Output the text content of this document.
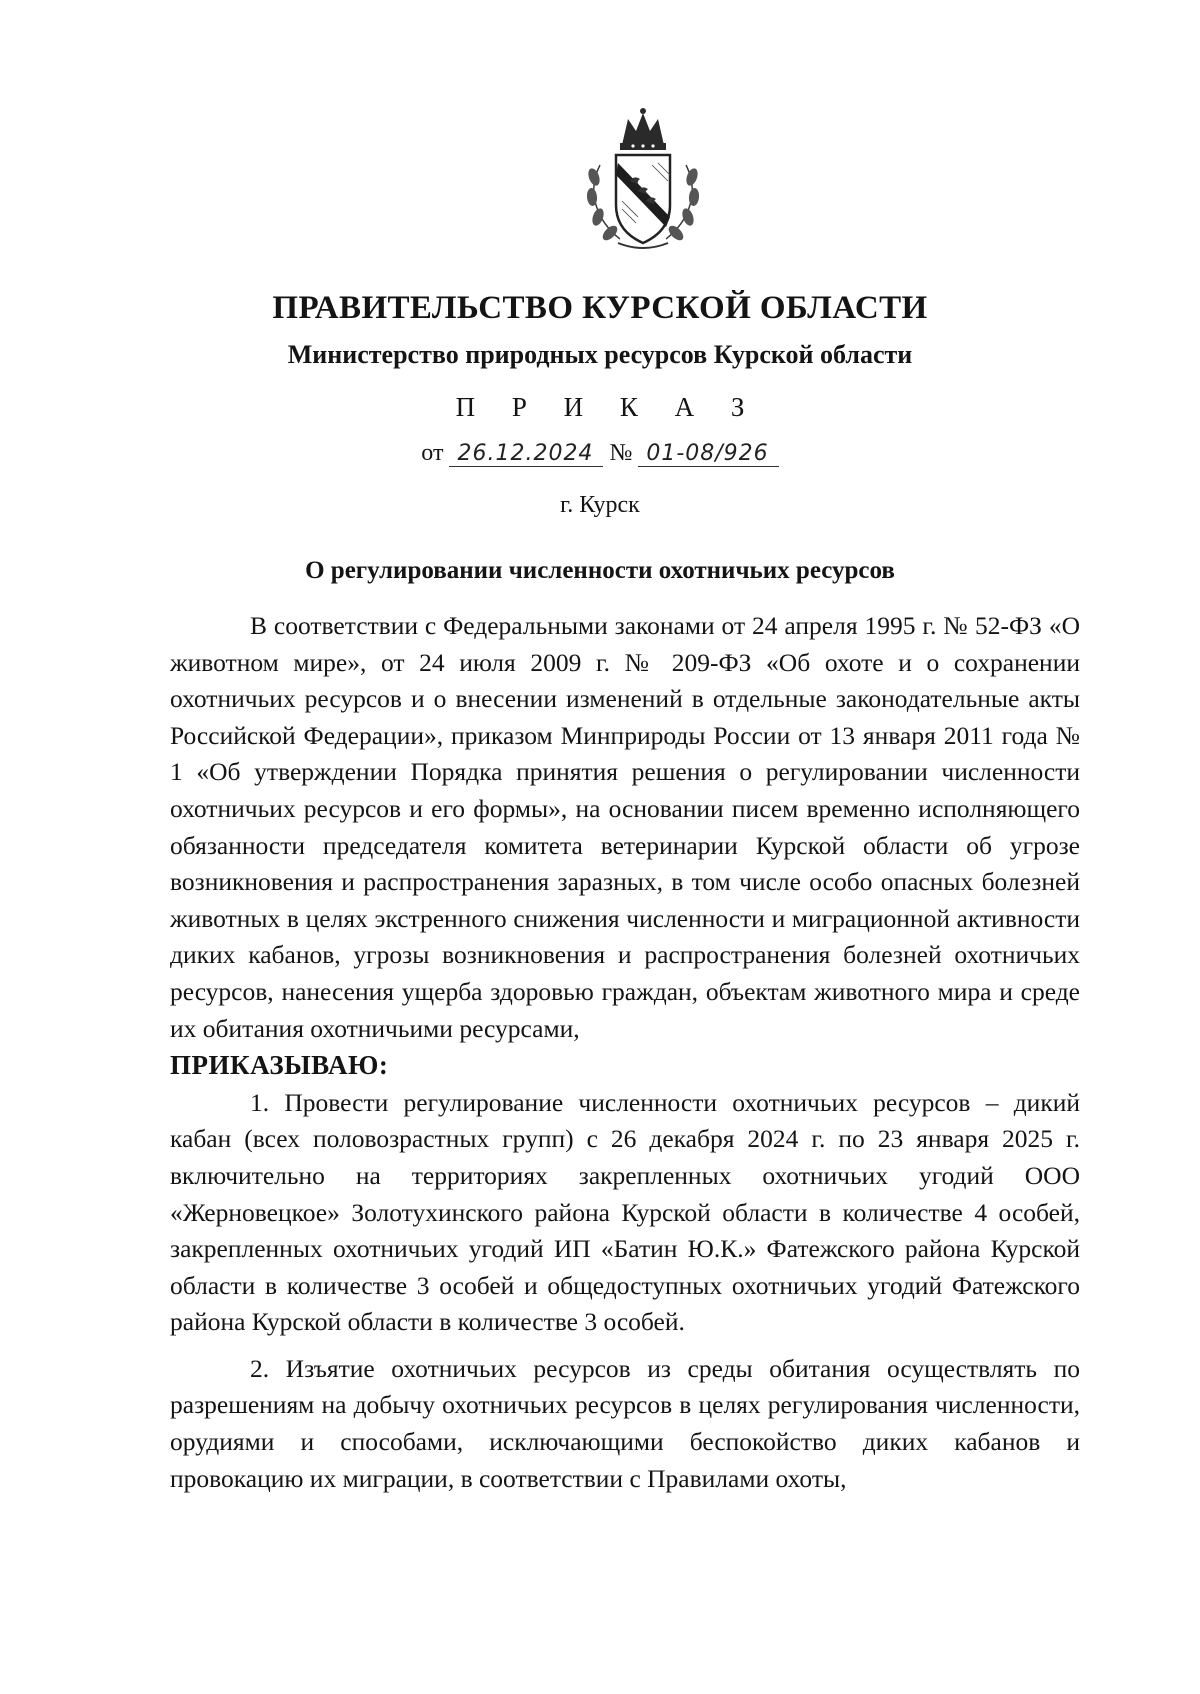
ПРАВИТЕЛЬСТВО КУРСКОЙ ОБЛАСТИ
Министерство природных ресурсов Курской области
П Р И К А З
от 26.12.2024 № 01-08/926
г. Курск
О регулировании численности охотничьих ресурсов

В соответствии с Федеральными законами от 24 апреля 1995 г. № 52-ФЗ «О животном мире», от 24 июля 2009 г. № 209-ФЗ «Об охоте и о сохранении охотничьих ресурсов и о внесении изменений в отдельные законодательные акты Российской Федерации», приказом Минприроды России от 13 января 2011 года № 1 «Об утверждении Порядка принятия решения о регулировании численности охотничьих ресурсов и его формы», на основании писем временно исполняющего обязанности председателя комитета ветеринарии Курской области об угрозе возникновения и распространения заразных, в том числе особо опасных болезней животных в целях экстренного снижения численности и миграционной активности диких кабанов, угрозы возникновения и распространения болезней охотничьих ресурсов, нанесения ущерба здоровью граждан, объектам животного мира и среде их обитания охотничьими ресурсами,

ПРИКАЗЫВАЮ:

1. Провести регулирование численности охотничьих ресурсов – дикий кабан (всех половозрастных групп) с 26 декабря 2024 г. по 23 января 2025 г. включительно на территориях закрепленных охотничьих угодий ООО «Жерновецкое» Золотухинского района Курской области в количестве 4 особей, закрепленных охотничьих угодий ИП «Батин Ю.К.» Фатежского района Курской области в количестве 3 особей и общедоступных охотничьих угодий Фатежского района Курской области в количестве 3 особей.

2. Изъятие охотничьих ресурсов из среды обитания осуществлять по разрешениям на добычу охотничьих ресурсов в целях регулирования численности, орудиями и способами, исключающими беспокойство диких кабанов и провокацию их миграции, в соответствии с Правилами охоты,
